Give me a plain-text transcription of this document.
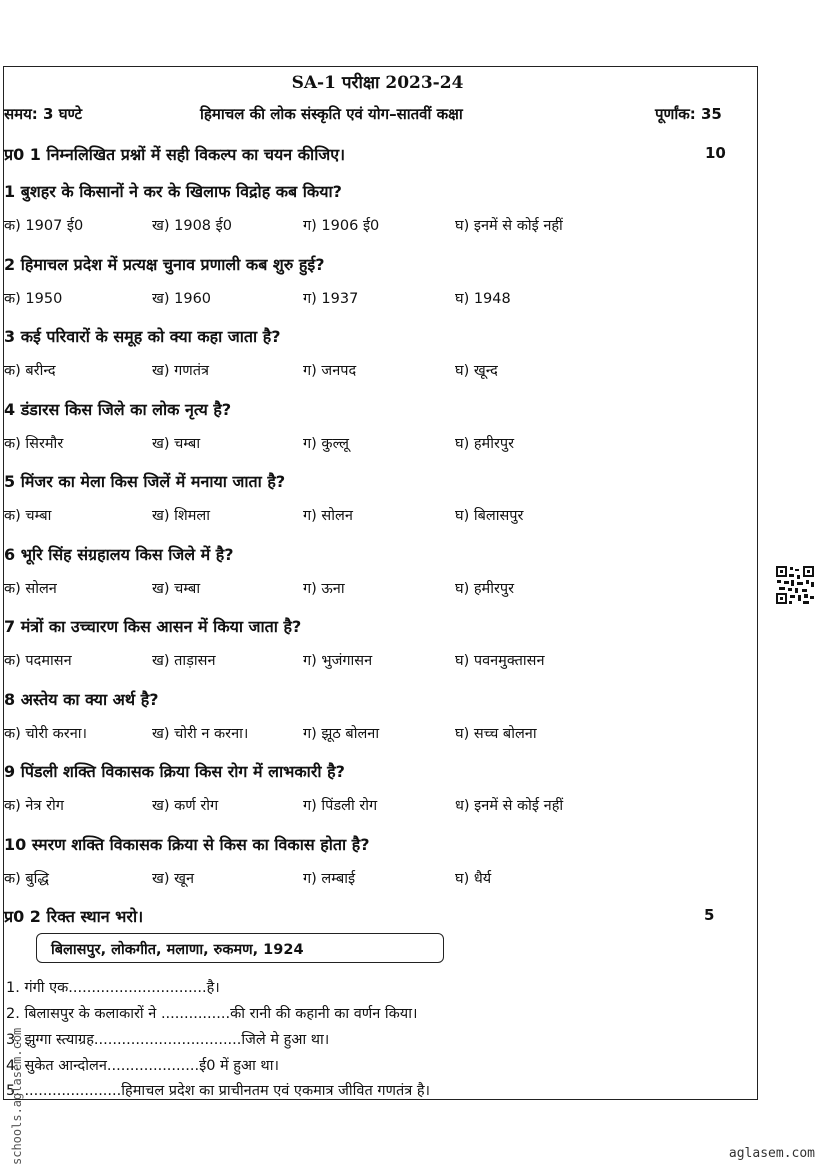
SA-1 परीक्षा 2023-24
समय: 3 घण्टे	हिमाचल की लोक संस्कृति एवं योग–सातवीं कक्षा	पूर्णांक: 35
प्र0 1 निम्नलिखित प्रश्नों में सही विकल्प का चयन कीजिए।	10
1 बुशहर के किसानों ने कर के खिलाफ विद्रोह कब किया?
क) 1907 ई0	ख) 1908 ई0	ग) 1906 ई0	घ) इनमें से कोई नहीं
2 हिमाचल प्रदेश में प्रत्यक्ष चुनाव प्रणाली कब शुरु हुई?
क) 1950	ख) 1960	ग) 1937	घ) 1948
3 कई परिवारों के समूह को क्या कहा जाता है?
क) बरीन्द	ख) गणतंत्र	ग) जनपद	घ) खून्द
4 डंडारस किस जिले का लोक नृत्य है?
क) सिरमौर	ख) चम्बा	ग) कुल्लू	घ) हमीरपुर
5 मिंजर का मेला किस जिलें में मनाया जाता है?
क) चम्बा	ख) शिमला	ग) सोलन	घ) बिलासपुर
6 भूरि सिंह संग्रहालय किस जिले में है?
क) सोलन	ख) चम्बा	ग) ऊना	घ) हमीरपुर
7 मंत्रों का उच्चारण किस आसन में किया जाता है?
क) पदमासन	ख) ताड़ासन	ग) भुजंगासन	घ) पवनमुक्तासन
8 अस्तेय का क्या अर्थ है?
क) चोरी करना।	ख) चोरी न करना।	ग) झूठ बोलना	घ) सच्च बोलना
9 पिंडली शक्ति विकासक क्रिया किस रोग में लाभकारी है?
क) नेत्र रोग	ख) कर्ण रोग	ग) पिंडली रोग	ध) इनमें से कोई नहीं
10 स्मरण शक्ति विकासक क्रिया से किस का विकास होता है?
क) बुद्धि	ख) खून	ग) लम्बाई	घ) धैर्य
प्र0 2 रिक्त स्थान भरो।	5
बिलासपुर, लोकगीत, मलाणा, रुकमण, 1924
1. गंगी एक..............................है।
2. बिलासपुर के कलाकारों ने ...............की रानी की कहानी का वर्णन किया।
3. झुग्गा स्त्याग्रह................................जिले मे हुआ था।
4. सुकेत आन्दोलन....................ई0 में हुआ था।
5. .....................हिमाचल प्रदेश का प्राचीनतम एवं एकमात्र जीवित गणतंत्र है।
schools.aglasem.com	aglasem.com
